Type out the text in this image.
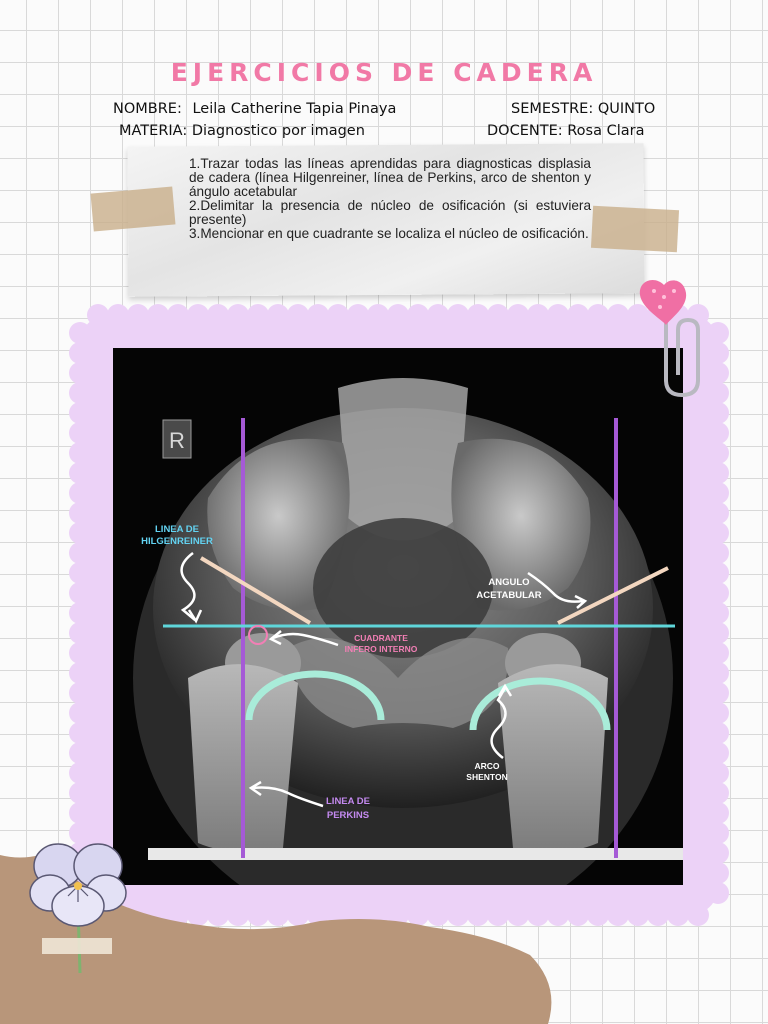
EJERCICIOS DE CADERA
NOMBRE: Leila Catherine Tapia Pinaya	SEMESTRE: QUINTO
MATERIA: Diagnostico por imagen	DOCENTE: Rosa Clara
1.Trazar todas las líneas aprendidas para diagnosticas displasia de cadera (línea Hilgenreiner, línea de Perkins, arco de shenton y ángulo acetabular
2.Delimitar la presencia de núcleo de osificación (si estuviera presente)
3.Mencionar en que cuadrante se localiza el núcleo de osificación.
R
LINEA DE
HILGENREINER
ANGULO
ACETABULAR
CUADRANTE
INFERO INTERNO
ARCO
SHENTON
LINEA DE
PERKINS
